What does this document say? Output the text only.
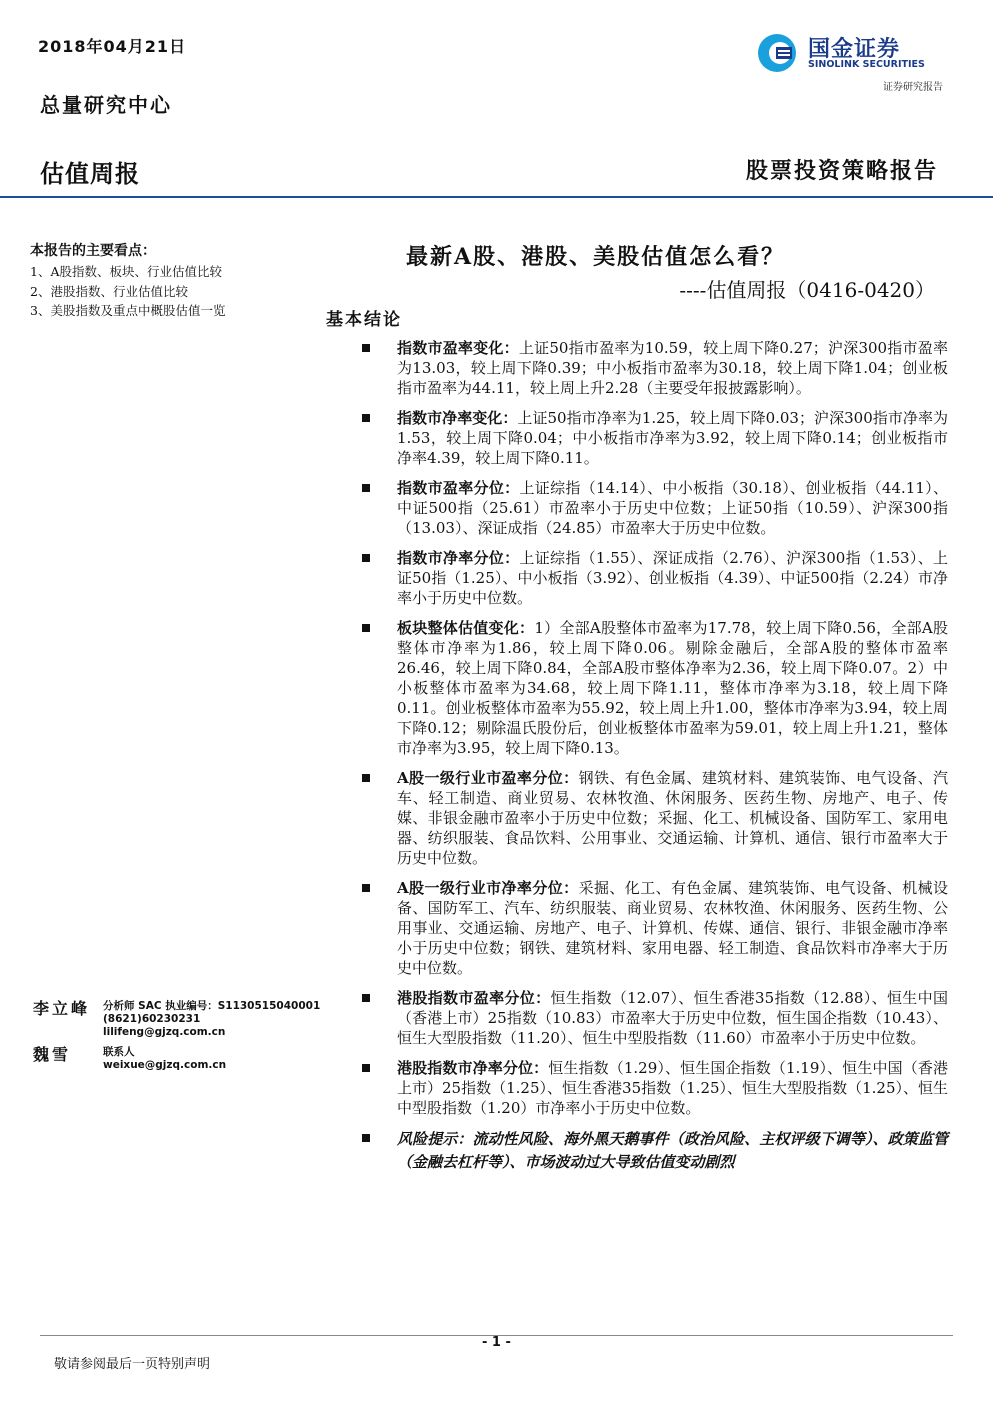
2018年04月21日
总量研究中心
国金证券
SINOLINK SECURITIES
证券研究报告
估值周报	股票投资策略报告
本报告的主要看点：
1、A股指数、板块、行业估值比较
2、港股指数、行业估值比较
3、美股指数及重点中概股估值一览
最新A股、港股、美股估值怎么看？
----估值周报（0416-0420）
基本结论
指数市盈率变化：上证50指市盈率为10.59，较上周下降0.27；沪深300指市盈率为13.03，较上周下降0.39；中小板指市盈率为30.18，较上周下降1.04；创业板指市盈率为44.11，较上周上升2.28（主要受年报披露影响）。
指数市净率变化：上证50指市净率为1.25，较上周下降0.03；沪深300指市净率为1.53，较上周下降0.04；中小板指市净率为3.92，较上周下降0.14；创业板指市净率4.39，较上周下降0.11。
指数市盈率分位：上证综指（14.14）、中小板指（30.18）、创业板指（44.11）、中证500指（25.61）市盈率小于历史中位数；上证50指（10.59）、沪深300指（13.03）、深证成指（24.85）市盈率大于历史中位数。
指数市净率分位：上证综指（1.55）、深证成指（2.76）、沪深300指（1.53）、上证50指（1.25）、中小板指（3.92）、创业板指（4.39）、中证500指（2.24）市净率小于历史中位数。
板块整体估值变化：1）全部A股整体市盈率为17.78，较上周下降0.56，全部A股整体市净率为1.86，较上周下降0.06。剔除金融后，全部A股的整体市盈率26.46，较上周下降0.84，全部A股市整体净率为2.36，较上周下降0.07。2）中小板整体市盈率为34.68，较上周下降1.11，整体市净率为3.18，较上周下降0.11。创业板整体市盈率为55.92，较上周上升1.00，整体市净率为3.94，较上周下降0.12；剔除温氏股份后，创业板整体市盈率为59.01，较上周上升1.21，整体市净率为3.95，较上周下降0.13。
A股一级行业市盈率分位：钢铁、有色金属、建筑材料、建筑装饰、电气设备、汽车、轻工制造、商业贸易、农林牧渔、休闲服务、医药生物、房地产、电子、传媒、非银金融市盈率小于历史中位数；采掘、化工、机械设备、国防军工、家用电器、纺织服装、食品饮料、公用事业、交通运输、计算机、通信、银行市盈率大于历史中位数。
A股一级行业市净率分位：采掘、化工、有色金属、建筑装饰、电气设备、机械设备、国防军工、汽车、纺织服装、商业贸易、农林牧渔、休闲服务、医药生物、公用事业、交通运输、房地产、电子、计算机、传媒、通信、银行、非银金融市净率小于历史中位数；钢铁、建筑材料、家用电器、轻工制造、食品饮料市净率大于历史中位数。
港股指数市盈率分位：恒生指数（12.07）、恒生香港35指数（12.88）、恒生中国（香港上市）25指数（10.83）市盈率大于历史中位数，恒生国企指数（10.43）、恒生大型股指数（11.20）、恒生中型股指数（11.60）市盈率小于历史中位数。
港股指数市净率分位：恒生指数（1.29）、恒生国企指数（1.19）、恒生中国（香港上市）25指数（1.25）、恒生香港35指数（1.25）、恒生大型股指数（1.25）、恒生中型股指数（1.20）市净率小于历史中位数。
风险提示：流动性风险、海外黑天鹅事件（政治风险、主权评级下调等）、政策监管（金融去杠杆等）、市场波动过大导致估值变动剧烈
李立峰 分析师 SAC 执业编号：S1130515040001
(8621)60230231
lilifeng@gjzq.com.cn
魏雪	联系人
weixue@gjzq.com.cn
- 1 -
敬请参阅最后一页特别声明
